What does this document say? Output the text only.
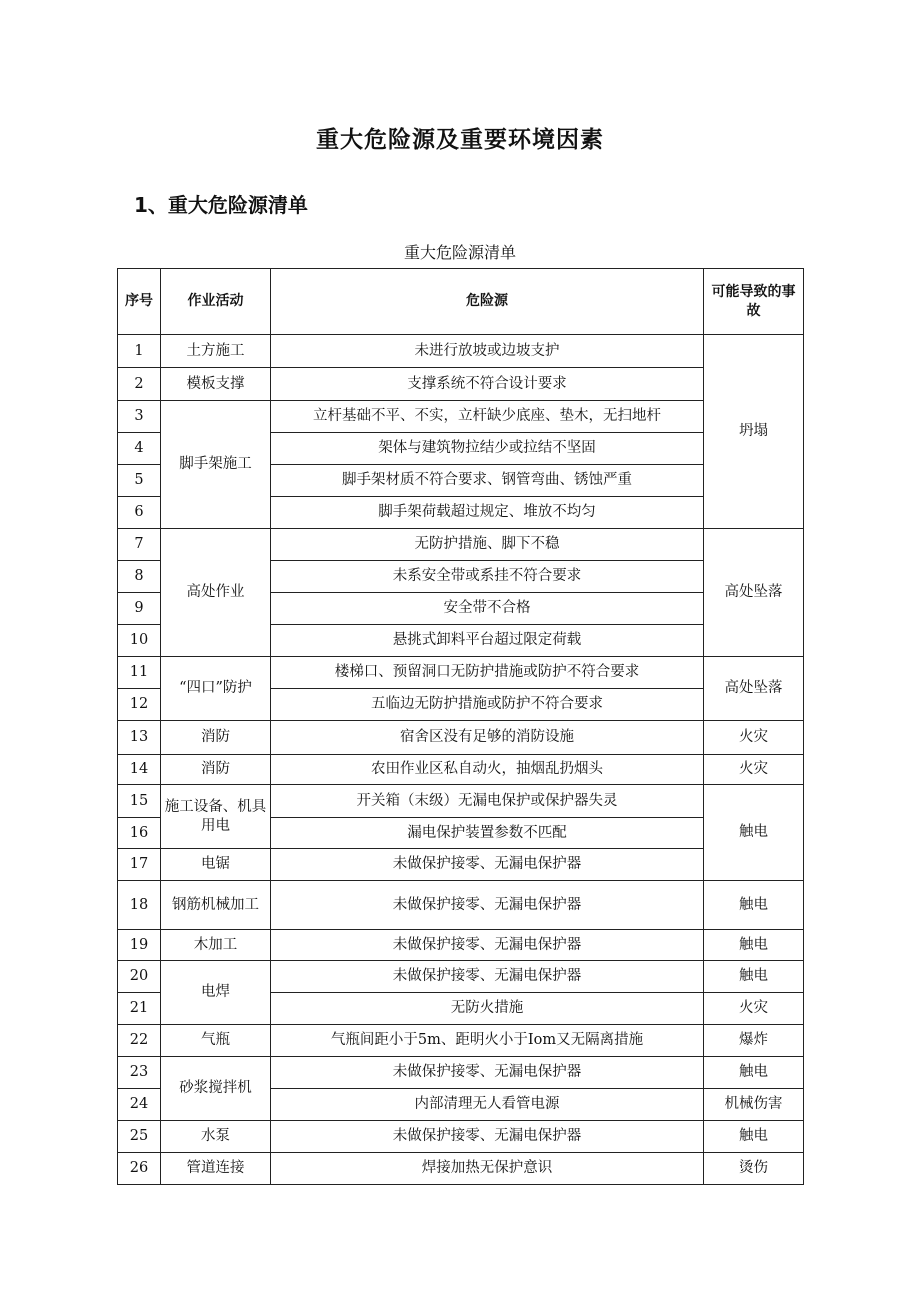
重大危险源及重要环境因素
1、重大危险源清单
重大危险源清单
序号	作业活动	危险源	可能导致的事故
1	土方施工	未进行放坡或边坡支护	坍塌
2	模板支撑	支撑系统不符合设计要求	
3	脚手架施工	立杆基础不平、不实，立杆缺少底座、垫木，无扫地杆	
4		架体与建筑物拉结少或拉结不坚固	
5		脚手架材质不符合要求、钢管弯曲、锈蚀严重	
6		脚手架荷载超过规定、堆放不均匀	
7	高处作业	无防护措施、脚下不稳	高处坠落
8		未系安全带或系挂不符合要求	
9		安全带不合格	
10		悬挑式卸料平台超过限定荷载	
11	“四口”防护	楼梯口、预留洞口无防护措施或防护不符合要求	高处坠落
12		五临边无防护措施或防护不符合要求	
13	消防	宿舍区没有足够的消防设施	火灾
14	消防	农田作业区私自动火，抽烟乱扔烟头	火灾
15	施工设备、机具用电	开关箱（末级）无漏电保护或保护器失灵	触电
16		漏电保护装置参数不匹配	
17	电锯	未做保护接零、无漏电保护器	
18	钢筋机械加工	未做保护接零、无漏电保护器	触电
19	木加工	未做保护接零、无漏电保护器	触电
20	电焊	未做保护接零、无漏电保护器	触电
21		无防火措施	火灾
22	气瓶	气瓶间距小于5m、距明火小于Iom又无隔离措施	爆炸
23	砂浆搅拌机	未做保护接零、无漏电保护器	触电
24		内部清理无人看管电源	机械伤害
25	水泵	未做保护接零、无漏电保护器	触电
26	管道连接	焊接加热无保护意识	烫伤
